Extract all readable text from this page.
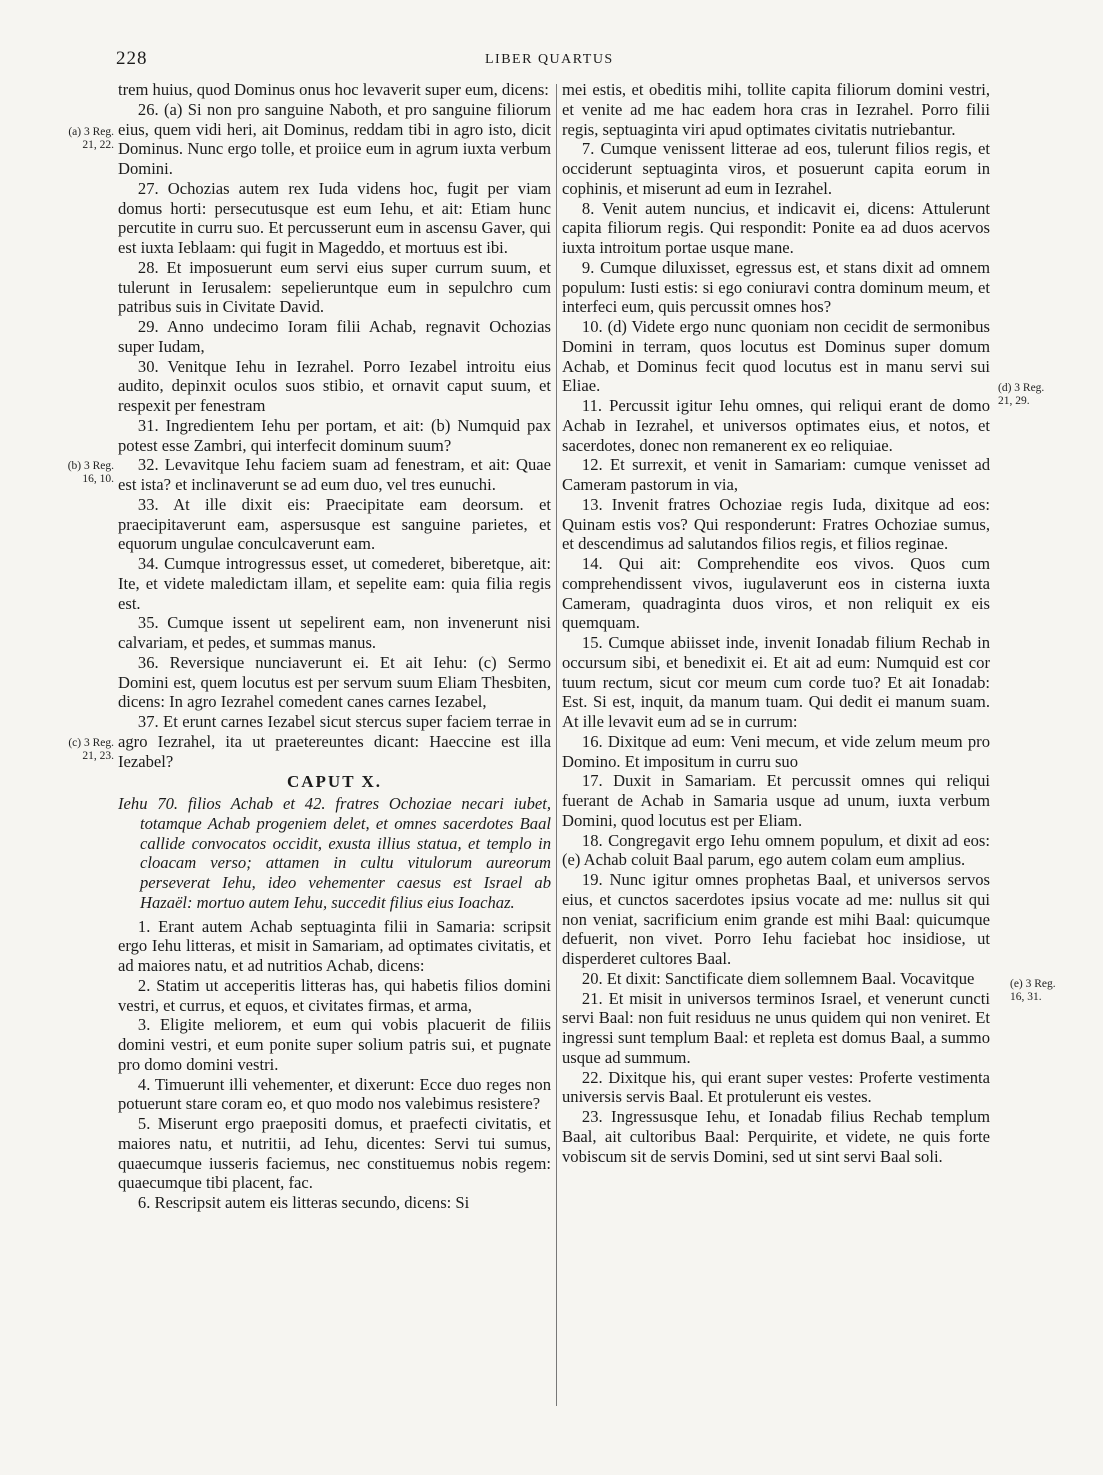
228	LIBER QUARTUS
(a) 3 Reg.
21, 22.
(b) 3 Reg.
16, 10.
(c) 3 Reg.
21, 23.
(d) 3 Reg.
21, 29.
(e) 3 Reg.
16, 31.

trem huius, quod Dominus onus hoc levaverit super eum, dicens:

26. (a) Si non pro sanguine Naboth, et pro sanguine filiorum eius, quem vidi heri, ait Dominus, reddam tibi in agro isto, dicit Dominus. Nunc ergo tolle, et proiice eum in agrum iuxta verbum Domini.

27. Ochozias autem rex Iuda videns hoc, fugit per viam domus horti: persecutusque est eum Iehu, et ait: Etiam hunc percutite in curru suo. Et percusserunt eum in ascensu Gaver, qui est iuxta Ieblaam: qui fugit in Mageddo, et mortuus est ibi.

28. Et imposuerunt eum servi eius super currum suum, et tulerunt in Ierusalem: sepelieruntque eum in sepulchro cum patribus suis in Civitate David.

29. Anno undecimo Ioram filii Achab, regnavit Ochozias super Iudam,

30. Venitque Iehu in Iezrahel. Porro Iezabel introitu eius audito, depinxit oculos suos stibio, et ornavit caput suum, et respexit per fenestram

31. Ingredientem Iehu per portam, et ait: (b) Numquid pax potest esse Zambri, qui interfecit dominum suum?

32. Levavitque Iehu faciem suam ad fenestram, et ait: Quae est ista? et inclinaverunt se ad eum duo, vel tres eunuchi.

33. At ille dixit eis: Praecipitate eam deorsum. et praecipitaverunt eam, aspersusque est sanguine parietes, et equorum ungulae conculcaverunt eam.

34. Cumque introgressus esset, ut comederet, biberetque, ait: Ite, et videte maledictam illam, et sepelite eam: quia filia regis est.

35. Cumque issent ut sepelirent eam, non invenerunt nisi calvariam, et pedes, et summas manus.

36. Reversique nunciaverunt ei. Et ait Iehu: (c) Sermo Domini est, quem locutus est per servum suum Eliam Thesbiten, dicens: In agro Iezrahel comedent canes carnes Iezabel,

37. Et erunt carnes Iezabel sicut stercus super faciem terrae in agro Iezrahel, ita ut praetereuntes dicant: Haeccine est illa Iezabel?

CAPUT X.

Iehu 70. filios Achab et 42. fratres Ochoziae necari iubet, totamque Achab progeniem delet, et omnes sacerdotes Baal callide convocatos occidit, exusta illius statua, et templo in cloacam verso; attamen in cultu vitulorum aureorum perseverat Iehu, ideo vehementer caesus est Israel ab Hazaël: mortuo autem Iehu, succedit filius eius Ioachaz.

1. Erant autem Achab septuaginta filii in Samaria: scripsit ergo Iehu litteras, et misit in Samariam, ad optimates civitatis, et ad maiores natu, et ad nutritios Achab, dicens:

2. Statim ut acceperitis litteras has, qui habetis filios domini vestri, et currus, et equos, et civitates firmas, et arma,

3. Eligite meliorem, et eum qui vobis placuerit de filiis domini vestri, et eum ponite super solium patris sui, et pugnate pro domo domini vestri.

4. Timuerunt illi vehementer, et dixerunt: Ecce duo reges non potuerunt stare coram eo, et quo modo nos valebimus resistere?

5. Miserunt ergo praepositi domus, et praefecti civitatis, et maiores natu, et nutritii, ad Iehu, dicentes: Servi tui sumus, quaecumque iusseris faciemus, nec constituemus nobis regem: quaecumque tibi placent, fac.

6. Rescripsit autem eis litteras secundo, dicens: Si

mei estis, et obeditis mihi, tollite capita filiorum domini vestri, et venite ad me hac eadem hora cras in Iezrahel. Porro filii regis, septuaginta viri apud optimates civitatis nutriebantur.

7. Cumque venissent litterae ad eos, tulerunt filios regis, et occiderunt septuaginta viros, et posuerunt capita eorum in cophinis, et miserunt ad eum in Iezrahel.

8. Venit autem nuncius, et indicavit ei, dicens: Attulerunt capita filiorum regis. Qui respondit: Ponite ea ad duos acervos iuxta introitum portae usque mane.

9. Cumque diluxisset, egressus est, et stans dixit ad omnem populum: Iusti estis: si ego coniuravi contra dominum meum, et interfeci eum, quis percussit omnes hos?

10. (d) Videte ergo nunc quoniam non cecidit de sermonibus Domini in terram, quos locutus est Dominus super domum Achab, et Dominus fecit quod locutus est in manu servi sui Eliae.

11. Percussit igitur Iehu omnes, qui reliqui erant de domo Achab in Iezrahel, et universos optimates eius, et notos, et sacerdotes, donec non remanerent ex eo reliquiae.

12. Et surrexit, et venit in Samariam: cumque venisset ad Cameram pastorum in via,

13. Invenit fratres Ochoziae regis Iuda, dixitque ad eos: Quinam estis vos? Qui responderunt: Fratres Ochoziae sumus, et descendimus ad salutandos filios regis, et filios reginae.

14. Qui ait: Comprehendite eos vivos. Quos cum comprehendissent vivos, iugulaverunt eos in cisterna iuxta Cameram, quadraginta duos viros, et non reliquit ex eis quemquam.

15. Cumque abiisset inde, invenit Ionadab filium Rechab in occursum sibi, et benedixit ei. Et ait ad eum: Numquid est cor tuum rectum, sicut cor meum cum corde tuo? Et ait Ionadab: Est. Si est, inquit, da manum tuam. Qui dedit ei manum suam. At ille levavit eum ad se in currum:

16. Dixitque ad eum: Veni mecum, et vide zelum meum pro Domino. Et impositum in curru suo

17. Duxit in Samariam. Et percussit omnes qui reliqui fuerant de Achab in Samaria usque ad unum, iuxta verbum Domini, quod locutus est per Eliam.

18. Congregavit ergo Iehu omnem populum, et dixit ad eos: (e) Achab coluit Baal parum, ego autem colam eum amplius.

19. Nunc igitur omnes prophetas Baal, et universos servos eius, et cunctos sacerdotes ipsius vocate ad me: nullus sit qui non veniat, sacrificium enim grande est mihi Baal: quicumque defuerit, non vivet. Porro Iehu faciebat hoc insidiose, ut disperderet cultores Baal.

20. Et dixit: Sanctificate diem sollemnem Baal. Vocavitque

21. Et misit in universos terminos Israel, et venerunt cuncti servi Baal: non fuit residuus ne unus quidem qui non veniret. Et ingressi sunt templum Baal: et repleta est domus Baal, a summo usque ad summum.

22. Dixitque his, qui erant super vestes: Proferte vestimenta universis servis Baal. Et protulerunt eis vestes.

23. Ingressusque Iehu, et Ionadab filius Rechab templum Baal, ait cultoribus Baal: Perquirite, et videte, ne quis forte vobiscum sit de servis Domini, sed ut sint servi Baal soli.
